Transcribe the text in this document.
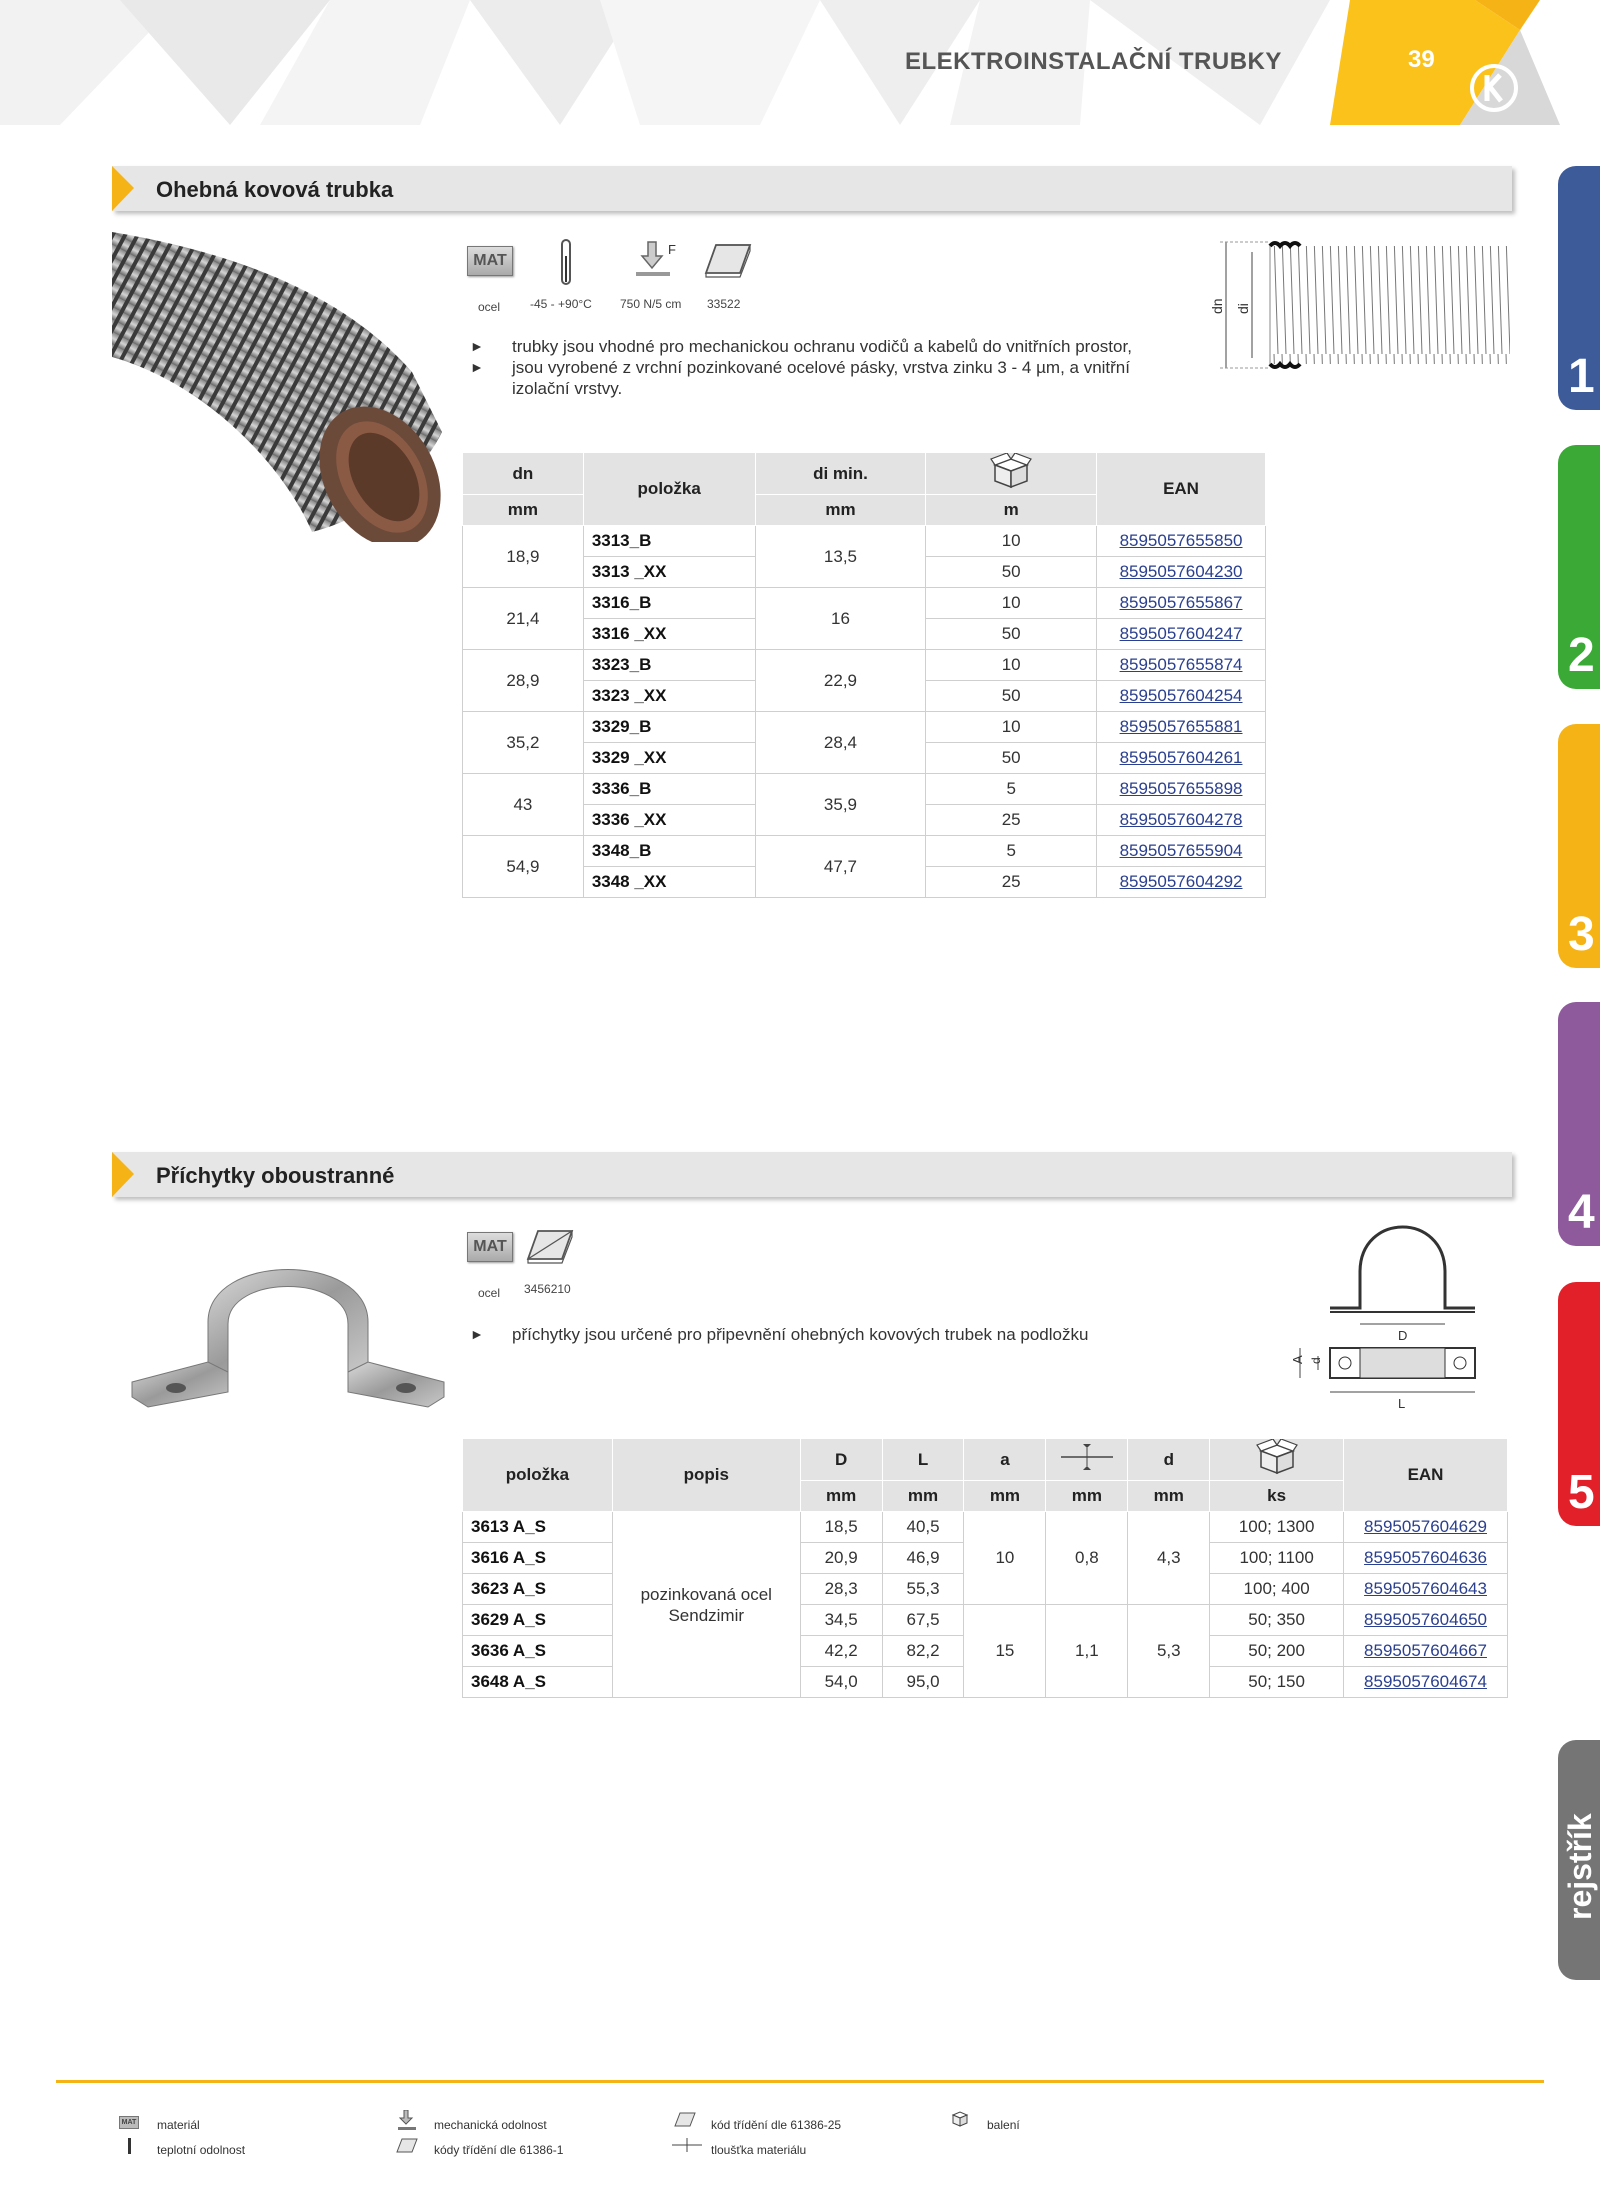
ELEKTROINSTALAČNÍ TRUBKY	39
1
2
3
4
5
rejstřík
Ohebná kovová trubka
MAT
ocel -45 - +90°C
F
750 N/5 cm 33522
► trubky jsou vhodné pro mechanickou ochranu vodičů a kabelů do vnitřních prostor,
► jsou vyrobené z vrchní pozinkované ocelové pásky, vrstva zinku 3 - 4 µm, a vnitřní izolační vrstvy.
dn di
dn	položka	di min.		EAN
mm		mm	m	
18,9	3313_B	13,5	10	8595057655850
	3313 _XX		50	8595057604230
21,4	3316_B	16	10	8595057655867
	3316 _XX		50	8595057604247
28,9	3323_B	22,9	10	8595057655874
	3323 _XX		50	8595057604254
35,2	3329_B	28,4	10	8595057655881
	3329 _XX		50	8595057604261
43	3336_B	35,9	5	8595057655898
	3336 _XX		25	8595057604278
54,9	3348_B	47,7	5	8595057655904
	3348 _XX		25	8595057604292
Příchytky oboustranné
MAT
ocel 3456210
► příchytky jsou určené pro připevnění ohebných kovových trubek na podložku	D
A d
L
položka	popis	D	L	a		d		EAN
		mm	mm	mm	mm	mm	ks	
3613 A_S	pozinkovaná ocel Sendzimir	18,5	40,5	10	0,8	4,3	100; 1300	8595057604629
3616 A_S		20,9	46,9				100; 1100	8595057604636
3623 A_S		28,3	55,3				100; 400	8595057604643
3629 A_S		34,5	67,5	15	1,1	5,3	50; 350	8595057604650
3636 A_S		42,2	82,2				50; 200	8595057604667
3648 A_S		54,0	95,0				50; 150	8595057604674
MAT materiál
teplotní odolnost
mechanická odolnost
kódy třídění dle 61386-1
kód třídění dle 61386-25
tloušťka materiálu
balení
